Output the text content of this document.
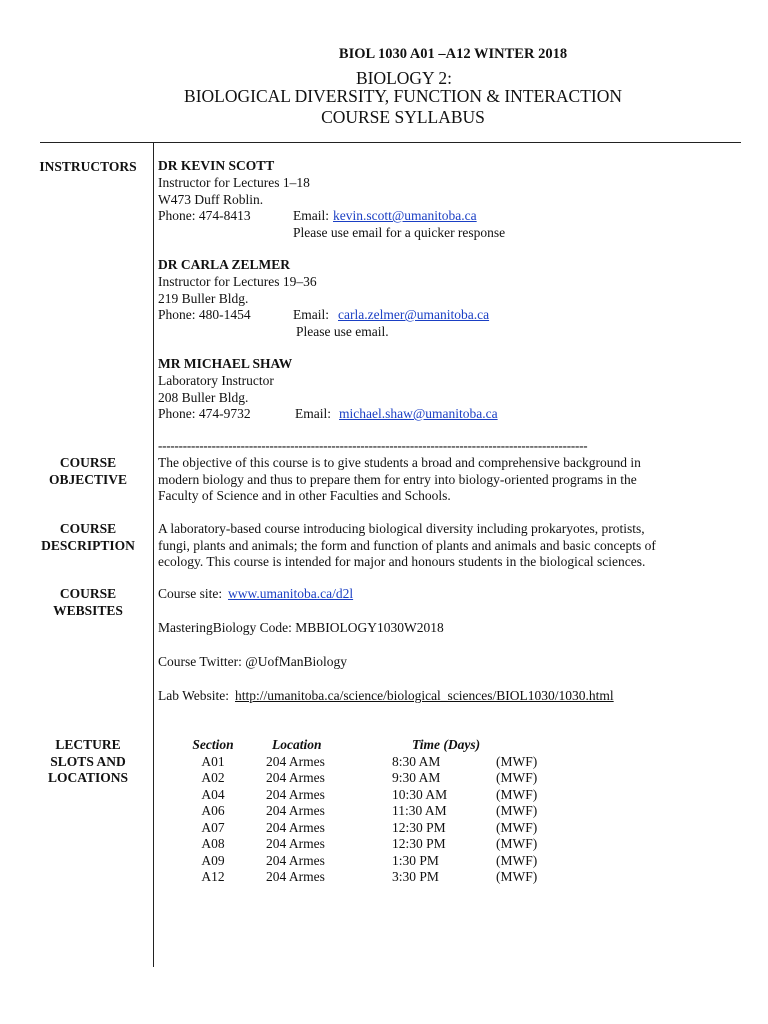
BIOL 1030 A01 –A12 WINTER 2018
BIOLOGY 2:
BIOLOGICAL DIVERSITY, FUNCTION & INTERACTION
COURSE SYLLABUS
INSTRUCTORS	DR KEVIN SCOTT
Instructor for Lectures 1–18
W473 Duff Roblin.
Phone: 474-8413	Email: kevin.scott@umanitoba.ca
Please use email for a quicker response
DR CARLA ZELMER
Instructor for Lectures 19–36
219 Buller Bldg.
Phone: 480-1454	Email: carla.zelmer@umanitoba.ca
Please use email.
MR MICHAEL SHAW
Laboratory Instructor
208 Buller Bldg.
Phone: 474-9732	Email: michael.shaw@umanitoba.ca
--------------------------------------------------------------------------------------------------------
COURSE
OBJECTIVE
The objective of this course is to give students a broad and comprehensive background in
modern biology and thus to prepare them for entry into biology-oriented programs in the
Faculty of Science and in other Faculties and Schools.
COURSE
DESCRIPTION
A laboratory-based course introducing biological diversity including prokaryotes, protists,
fungi, plants and animals; the form and function of plants and animals and basic concepts of
ecology. This course is intended for major and honours students in the biological sciences.
COURSE
WEBSITES
Course site: www.umanitoba.ca/d2l
MasteringBiology Code: MBBIOLOGY1030W2018
Course Twitter: @UofManBiology
Lab Website: http://umanitoba.ca/science/biological_sciences/BIOL1030/1030.html
LECTURE
SLOTS AND
LOCATIONS
Section	Location	Time (Days)	
A01	204 Armes	8:30 AM	(MWF)
A02	204 Armes	9:30 AM	(MWF)
A04	204 Armes	10:30 AM	(MWF)
A06	204 Armes	11:30 AM	(MWF)
A07	204 Armes	12:30 PM	(MWF)
A08	204 Armes	12:30 PM	(MWF)
A09	204 Armes	1:30 PM	(MWF)
A12	204 Armes	3:30 PM	(MWF)
